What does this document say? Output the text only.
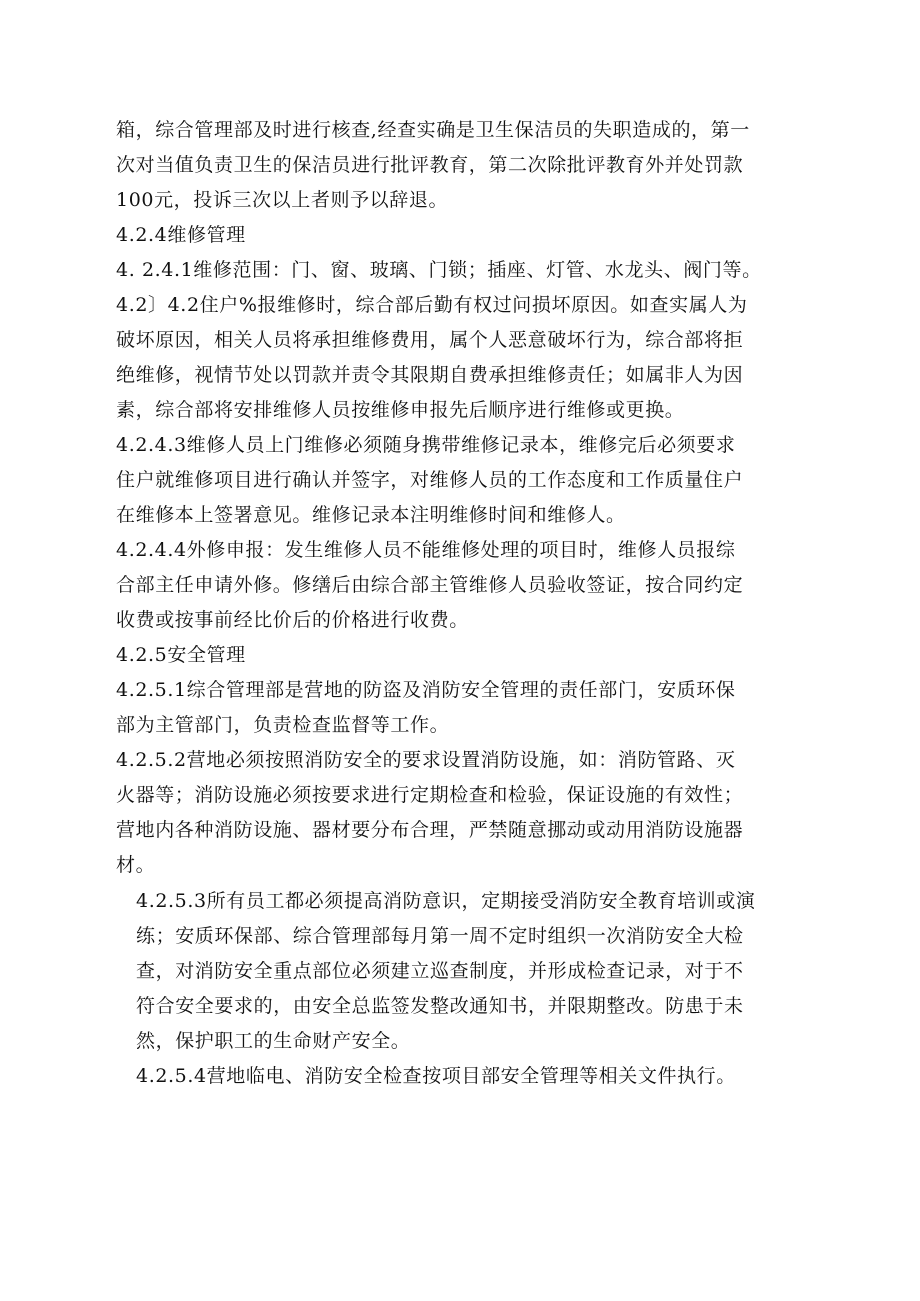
箱，综合管理部及时进行核查,经查实确是卫生保洁员的失职造成的，第一
次对当值负责卫生的保洁员进行批评教育，第二次除批评教育外并处罚款
100元，投诉三次以上者则予以辞退。
4.2.4维修管理
4. 2.4.1维修范围：门、窗、玻璃、门锁；插座、灯管、水龙头、阀门等。
4.2〕4.2住户%报维修时，综合部后勤有权过问损坏原因。如查实属人为
破坏原因，相关人员将承担维修费用，属个人恶意破坏行为，综合部将拒
绝维修，视情节处以罚款并责令其限期自费承担维修责任；如属非人为因
素，综合部将安排维修人员按维修申报先后顺序进行维修或更换。
4.2.4.3维修人员上门维修必须随身携带维修记录本，维修完后必须要求
住户就维修项目进行确认并签字，对维修人员的工作态度和工作质量住户
在维修本上签署意见。维修记录本注明维修时间和维修人。
4.2.4.4外修申报：发生维修人员不能维修处理的项目时，维修人员报综
合部主任申请外修。修缮后由综合部主管维修人员验收签证，按合同约定
收费或按事前经比价后的价格进行收费。
4.2.5安全管理
4.2.5.1综合管理部是营地的防盗及消防安全管理的责任部门，安质环保
部为主管部门，负责检查监督等工作。
4.2.5.2营地必须按照消防安全的要求设置消防设施，如：消防管路、灭
火器等；消防设施必须按要求进行定期检查和检验，保证设施的有效性；
营地内各种消防设施、器材要分布合理，严禁随意挪动或动用消防设施器
材。
4.2.5.3所有员工都必须提高消防意识，定期接受消防安全教育培训或演
练；安质环保部、综合管理部每月第一周不定时组织一次消防安全大检
查，对消防安全重点部位必须建立巡查制度，并形成检查记录，对于不
符合安全要求的，由安全总监签发整改通知书，并限期整改。防患于未
然，保护职工的生命财产安全。
4.2.5.4营地临电、消防安全检查按项目部安全管理等相关文件执行。
